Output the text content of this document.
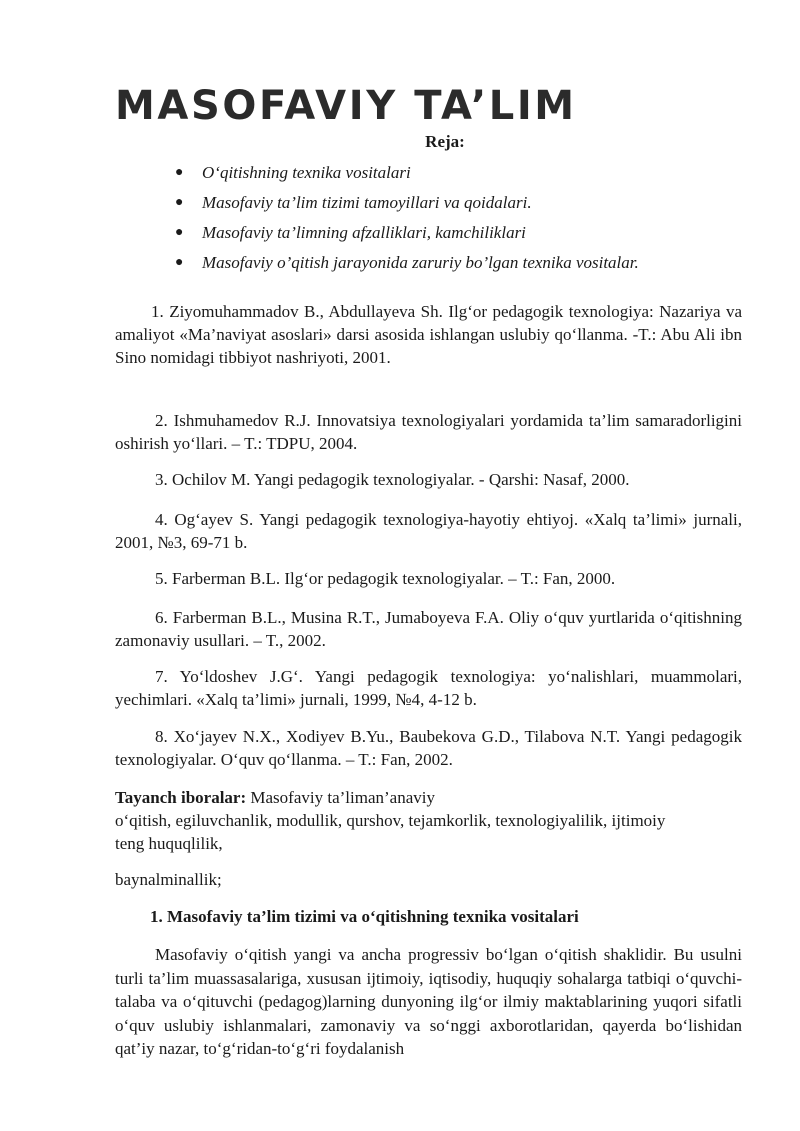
MASOFAVIY TA’LIM
Reja:
● O‘qitishning texnika vositalari
● Masofaviy ta’lim tizimi tamoyillari va qoidalari.
● Masofaviy ta’limning afzalliklari, kamchiliklari
● Masofaviy o’qitish jarayonida zaruriy bo’lgan texnika vositalar.

1. Ziyomuhammadov B., Abdullayeva Sh. Ilg‘or pedagogik texnologiya: Nazariya va amaliyot «Ma’naviyat asoslari» darsi asosida ishlangan uslubiy qo‘llanma. -T.: Abu Ali ibn Sino nomidagi tibbiyot nashriyoti, 2001.

2. Ishmuhamedov R.J. Innovatsiya texnologiyalari yordamida ta’lim samaradorligini oshirish yo‘llari. – T.: TDPU, 2004.

3. Ochilov M. Yangi pedagogik texnologiyalar. - Qarshi: Nasaf, 2000.

4. Og‘ayev S. Yangi pedagogik texnologiya-hayotiy ehtiyoj. «Xalq ta’limi» jurnali, 2001, №3, 69-71 b.

5. Farberman B.L. Ilg‘or pedagogik texnologiyalar. – T.: Fan, 2000.

6. Farberman B.L., Musina R.T., Jumaboyeva F.A. Oliy o‘quv yurtlarida o‘qitishning zamonaviy usullari. – T., 2002.

7. Yo‘ldoshev J.G‘. Yangi pedagogik texnologiya: yo‘nalishlari, muammolari, yechimlari. «Xalq ta’limi» jurnali, 1999, №4, 4-12 b.

8. Xo‘jayev N.X., Xodiyev B.Yu., Baubekova G.D., Tilabova N.T. Yangi pedagogik texnologiyalar. O‘quv qo‘llanma. – T.: Fan, 2002.

Tayanch iboralar: Masofaviy ta’liman’anaviy
o‘qitish, egiluvchanlik, modullik, qurshov, tejamkorlik, texnologiyalilik, ijtimoiy
teng huquqlilik,
baynalminallik;
1. Masofaviy ta’lim tizimi va o‘qitishning texnika vositalari

Masofaviy o‘qitish yangi va ancha progressiv bo‘lgan o‘qitish shaklidir. Bu usulni turli ta’lim muassasalariga, xususan ijtimoiy, iqtisodiy, huquqiy sohalarga tatbiqi o‘quvchi-talaba va o‘qituvchi (pedagog)larning dunyoning ilg‘or ilmiy maktablarining yuqori sifatli o‘quv uslubiy ishlanmalari, zamonaviy va so‘nggi axborotlaridan, qayerda bo‘lishidan qat’iy nazar, to‘g‘ridan-to‘g‘ri foydalanish
